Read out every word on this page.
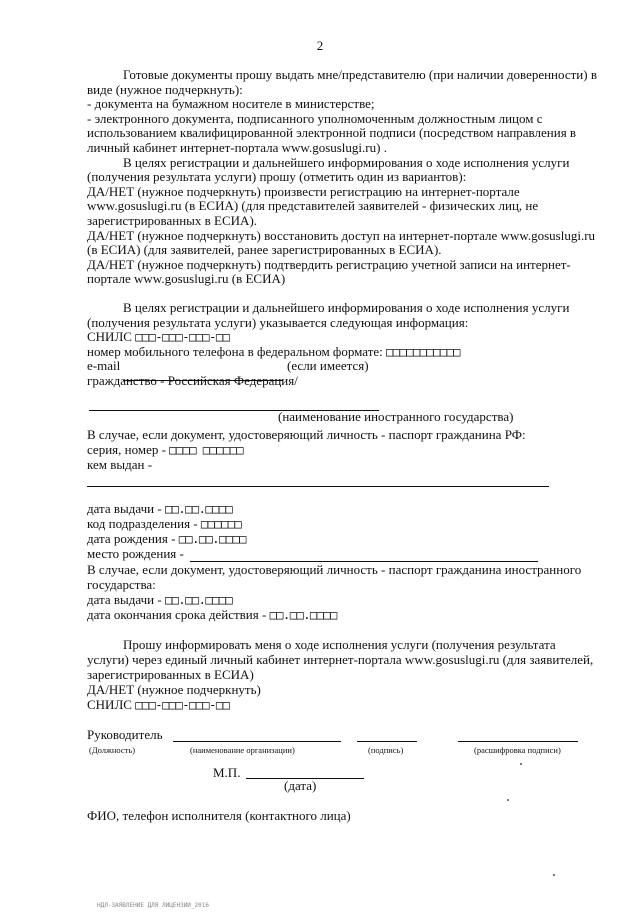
2

Готовые документы прошу выдать мне/представителю (при наличии доверенности) в

виде (нужное подчеркнуть):

- документа на бумажном носителе в министерстве;

- электронного документа, подписанного уполномоченным должностным лицом с

использованием квалифицированной электронной подписи (посредством направления в

личный кабинет интернет-портала www.gosuslugi.ru) .

В целях регистрации и дальнейшего информирования о ходе исполнения услуги

(получения результата услуги) прошу (отметить один из вариантов):

ДА/НЕТ (нужное подчеркнуть) произвести регистрацию на интернет-портале

www.gosuslugi.ru (в ЕСИА) (для представителей заявителей - физических лиц, не

зарегистрированных в ЕСИА).

ДА/НЕТ (нужное подчеркнуть) восстановить доступ на интернет-портале www.gosuslugi.ru

(в ЕСИА) (для заявителей, ранее зарегистрированных в ЕСИА).

ДА/НЕТ (нужное подчеркнуть) подтвердить регистрацию учетной записи на интернет-

портале www.gosuslugi.ru (в ЕСИА)

В целях регистрации и дальнейшего информирования о ходе исполнения услуги

(получения результата услуги) указывается следующая информация:

СНИЛС □□□-□□□-□□□-□□

номер мобильного телефона в федеральном формате: □□□□□□□□□□□

e-mail	(если имеется)

гражданство - Российская Федерация/

(наименование иностранного государства)
В случае, если документ, удостоверяющий личность - паспорт гражданина РФ:
серия, номер - □□□□ □□□□□□
кем выдан -
дата выдачи - □□.□□.□□□□
код подразделения - □□□□□□
дата рождения - □□.□□.□□□□
место рождения -
В случае, если документ, удостоверяющий личность - паспорт гражданина иностранного
государства:
дата выдачи - □□.□□.□□□□
дата окончания срока действия - □□.□□.□□□□
Прошу информировать меня о ходе исполнения услуги (получения результата
услуги) через единый личный кабинет интернет-портала www.gosuslugi.ru (для заявителей,
зарегистрированных в ЕСИА)
ДА/НЕТ (нужное подчеркнуть)
СНИЛС □□□-□□□-□□□-□□
Руководитель
(Должность)	(наименование организации)	(подпись)	(расшифровка подписи)
М.П.
(дата)
ФИО, телефон исполнителя (контактного лица)
НДЛ-ЗАЯВЛЕНИЕ ДЛЯ ЛИЦЕНЗИИ_2016
